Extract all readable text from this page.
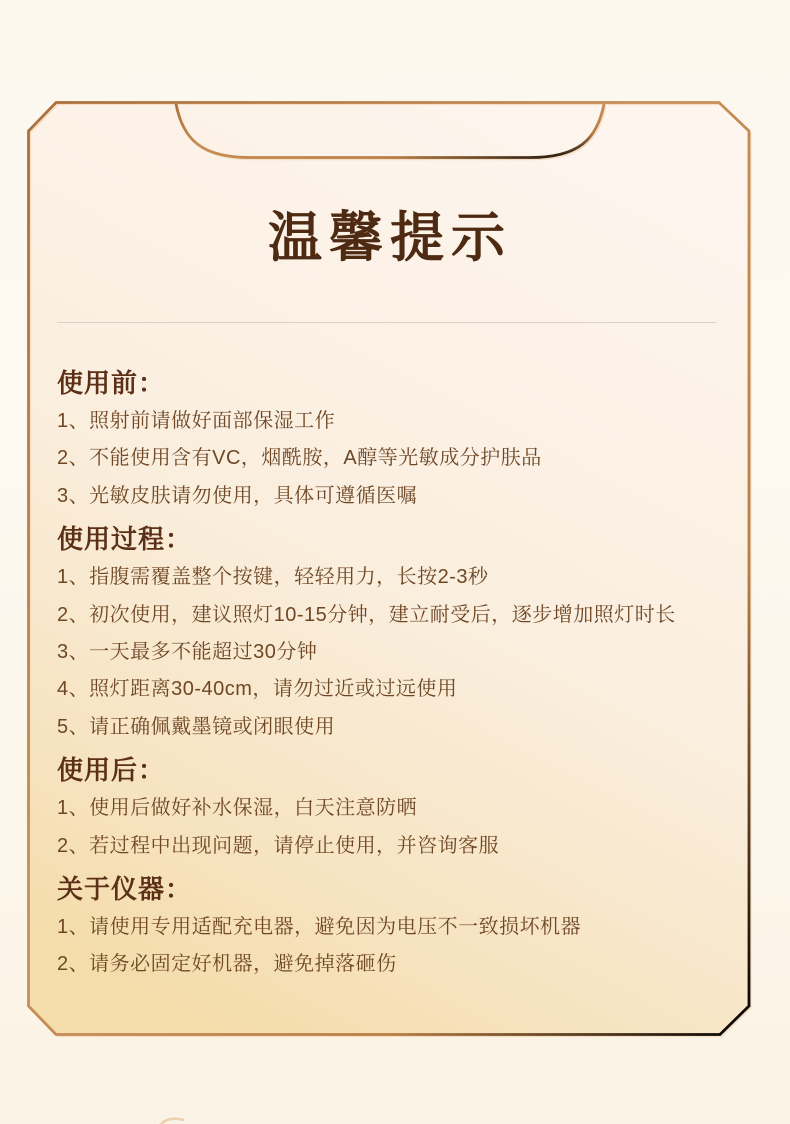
温馨提示
使用前：
1、照射前请做好面部保湿工作
2、不能使用含有VC，烟酰胺，A醇等光敏成分护肤品
3、光敏皮肤请勿使用，具体可遵循医嘱
使用过程：
1、指腹需覆盖整个按键，轻轻用力，长按2-3秒
2、初次使用，建议照灯10-15分钟，建立耐受后，逐步增加照灯时长
3、一天最多不能超过30分钟
4、照灯距离30-40cm，请勿过近或过远使用
5、请正确佩戴墨镜或闭眼使用
使用后：
1、使用后做好补水保湿，白天注意防晒
2、若过程中出现问题，请停止使用，并咨询客服
关于仪器：
1、请使用专用适配充电器，避免因为电压不一致损坏机器
2、请务必固定好机器，避免掉落砸伤
